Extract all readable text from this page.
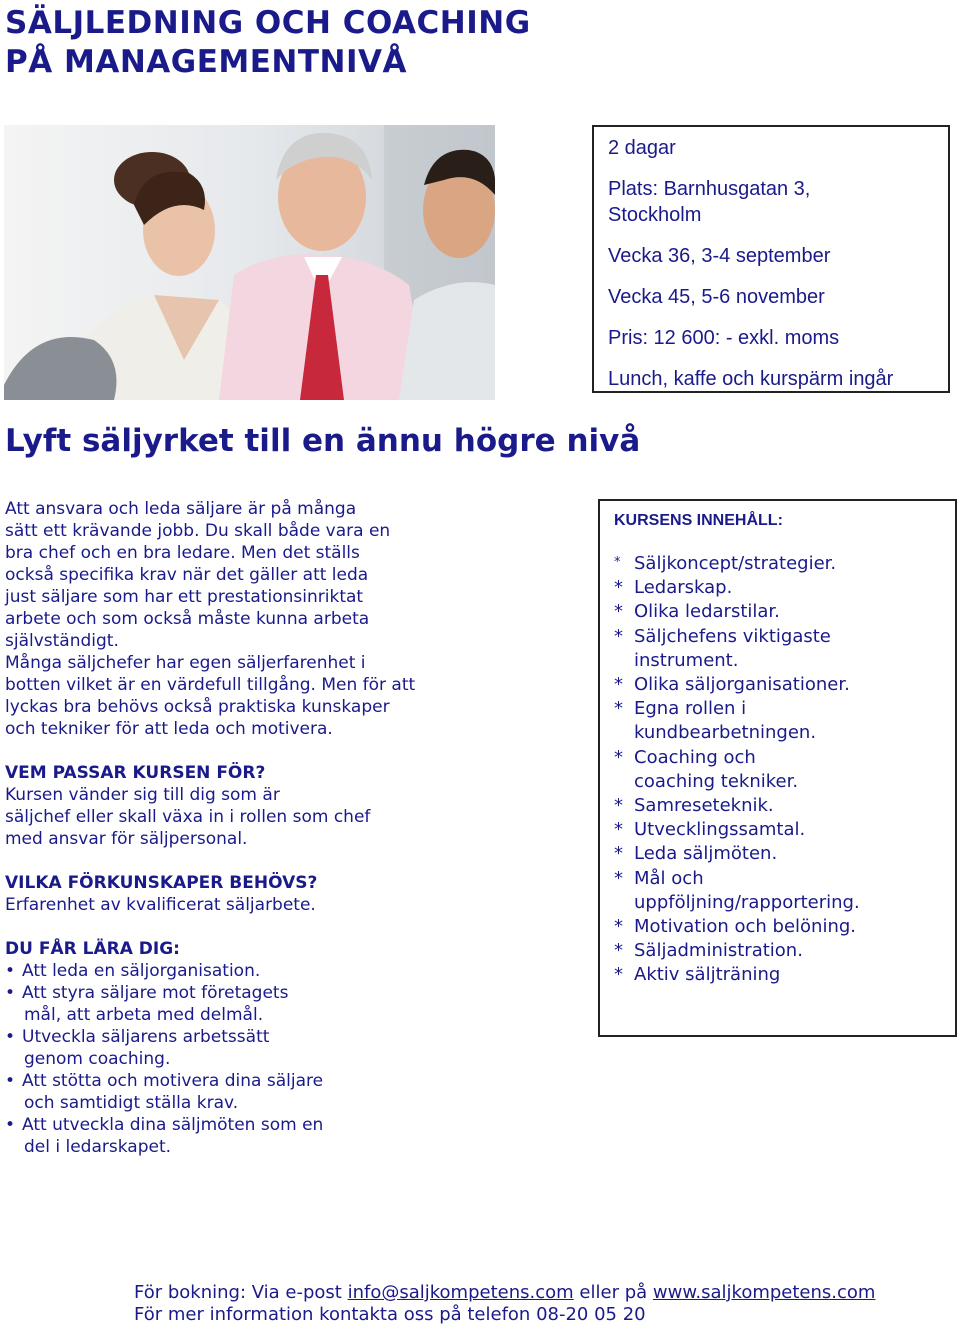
SÄLJLEDNING OCH COACHING
PÅ MANAGEMENTNIVÅ

2 dagar

Plats: Barnhusgatan 3,
Stockholm

Vecka 36, 3-4 september

Vecka 45, 5-6 november

Pris: 12 600: - exkl. moms

Lunch, kaffe och kurspärm ingår

Lyft säljyrket till en ännu högre nivå

Att ansvara och leda säljare är på många

sätt ett krävande jobb. Du skall både vara en

bra chef och en bra ledare. Men det ställs

också specifika krav när det gäller att leda

just säljare som har ett prestationsinriktat

arbete och som också måste kunna arbeta

självständigt.

Många säljchefer har egen säljerfarenhet i

botten vilket är en värdefull tillgång. Men för att

lyckas bra behövs också praktiska kunskaper

och tekniker för att leda och motivera.

VEM PASSAR KURSEN FÖR?

Kursen vänder sig till dig som är

säljchef eller skall växa in i rollen som chef

med ansvar för säljpersonal.

VILKA FÖRKUNSKAPER BEHÖVS?

Erfarenhet av kvalificerat säljarbete.

DU FÅR LÄRA DIG:
• Att leda en säljorganisation.
• Att styra säljare mot företagets
mål, att arbeta med delmål.
• Utveckla säljarens arbetssätt
genom coaching.
• Att stötta och motivera dina säljare
och samtidigt ställa krav.
• Att utveckla dina säljmöten som en
del i ledarskapet.
KURSENS INNEHÅLL:
* Säljkoncept/strategier.
* Ledarskap.
* Olika ledarstilar.
* Säljchefens viktigaste
instrument.
* Olika säljorganisationer.
* Egna rollen i
kundbearbetningen.
* Coaching och
coaching tekniker.
* Samreseteknik.
* Utvecklingssamtal.
* Leda säljmöten.
* Mål och
uppföljning/rapportering.
* Motivation och belöning.
* Säljadministration.
* Aktiv säljträning

För bokning: Via e-post info@saljkompetens.com eller på www.saljkompetens.com

För mer information kontakta oss på telefon 08-20 05 20
